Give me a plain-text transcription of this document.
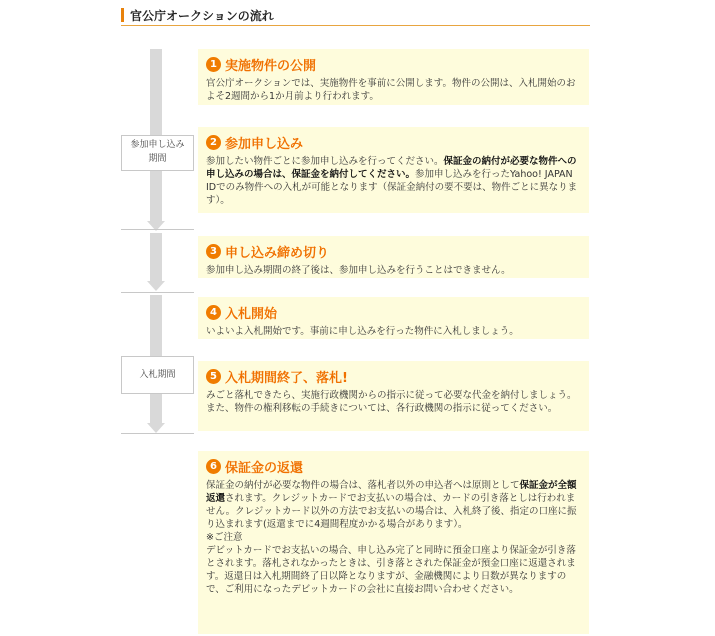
官公庁オークションの流れ
参加申し込み
期間
入札期間
1 実施物件の公開
官公庁オークションでは、実施物件を事前に公開します。物件の公開は、入札開始のおよそ2週間から1か月前より行われます。
2 参加申し込み
参加したい物件ごとに参加申し込みを行ってください。保証金の納付が必要な物件への申し込みの場合は、保証金を納付してください。参加申し込みを行ったYahoo! JAPAN IDでのみ物件への入札が可能となります（保証金納付の要不要は、物件ごとに異なります）。
3 申し込み締め切り
参加申し込み期間の終了後は、参加申し込みを行うことはできません。
4 入札開始
いよいよ入札開始です。事前に申し込みを行った物件に入札しましょう。
5 入札期間終了、落札!
みごと落札できたら、実施行政機関からの指示に従って必要な代金を納付しましょう。また、物件の権利移転の手続きについては、各行政機関の指示に従ってください。
6 保証金の返還
保証金の納付が必要な物件の場合は、落札者以外の申込者へは原則として保証金が全額返還されます。クレジットカードでお支払いの場合は、カードの引き落としは行われません。クレジットカード以外の方法でお支払いの場合は、入札終了後、指定の口座に振り込まれます(返還までに4週間程度かかる場合があります）。
※ご注意
デビットカードでお支払いの場合、申し込み完了と同時に預金口座より保証金が引き落とされます。落札されなかったときは、引き落とされた保証金が預金口座に返還されます。返還日は入札期間終了日以降となりますが、金融機関により日数が異なりますので、ご利用になったデビットカードの会社に直接お問い合わせください。
